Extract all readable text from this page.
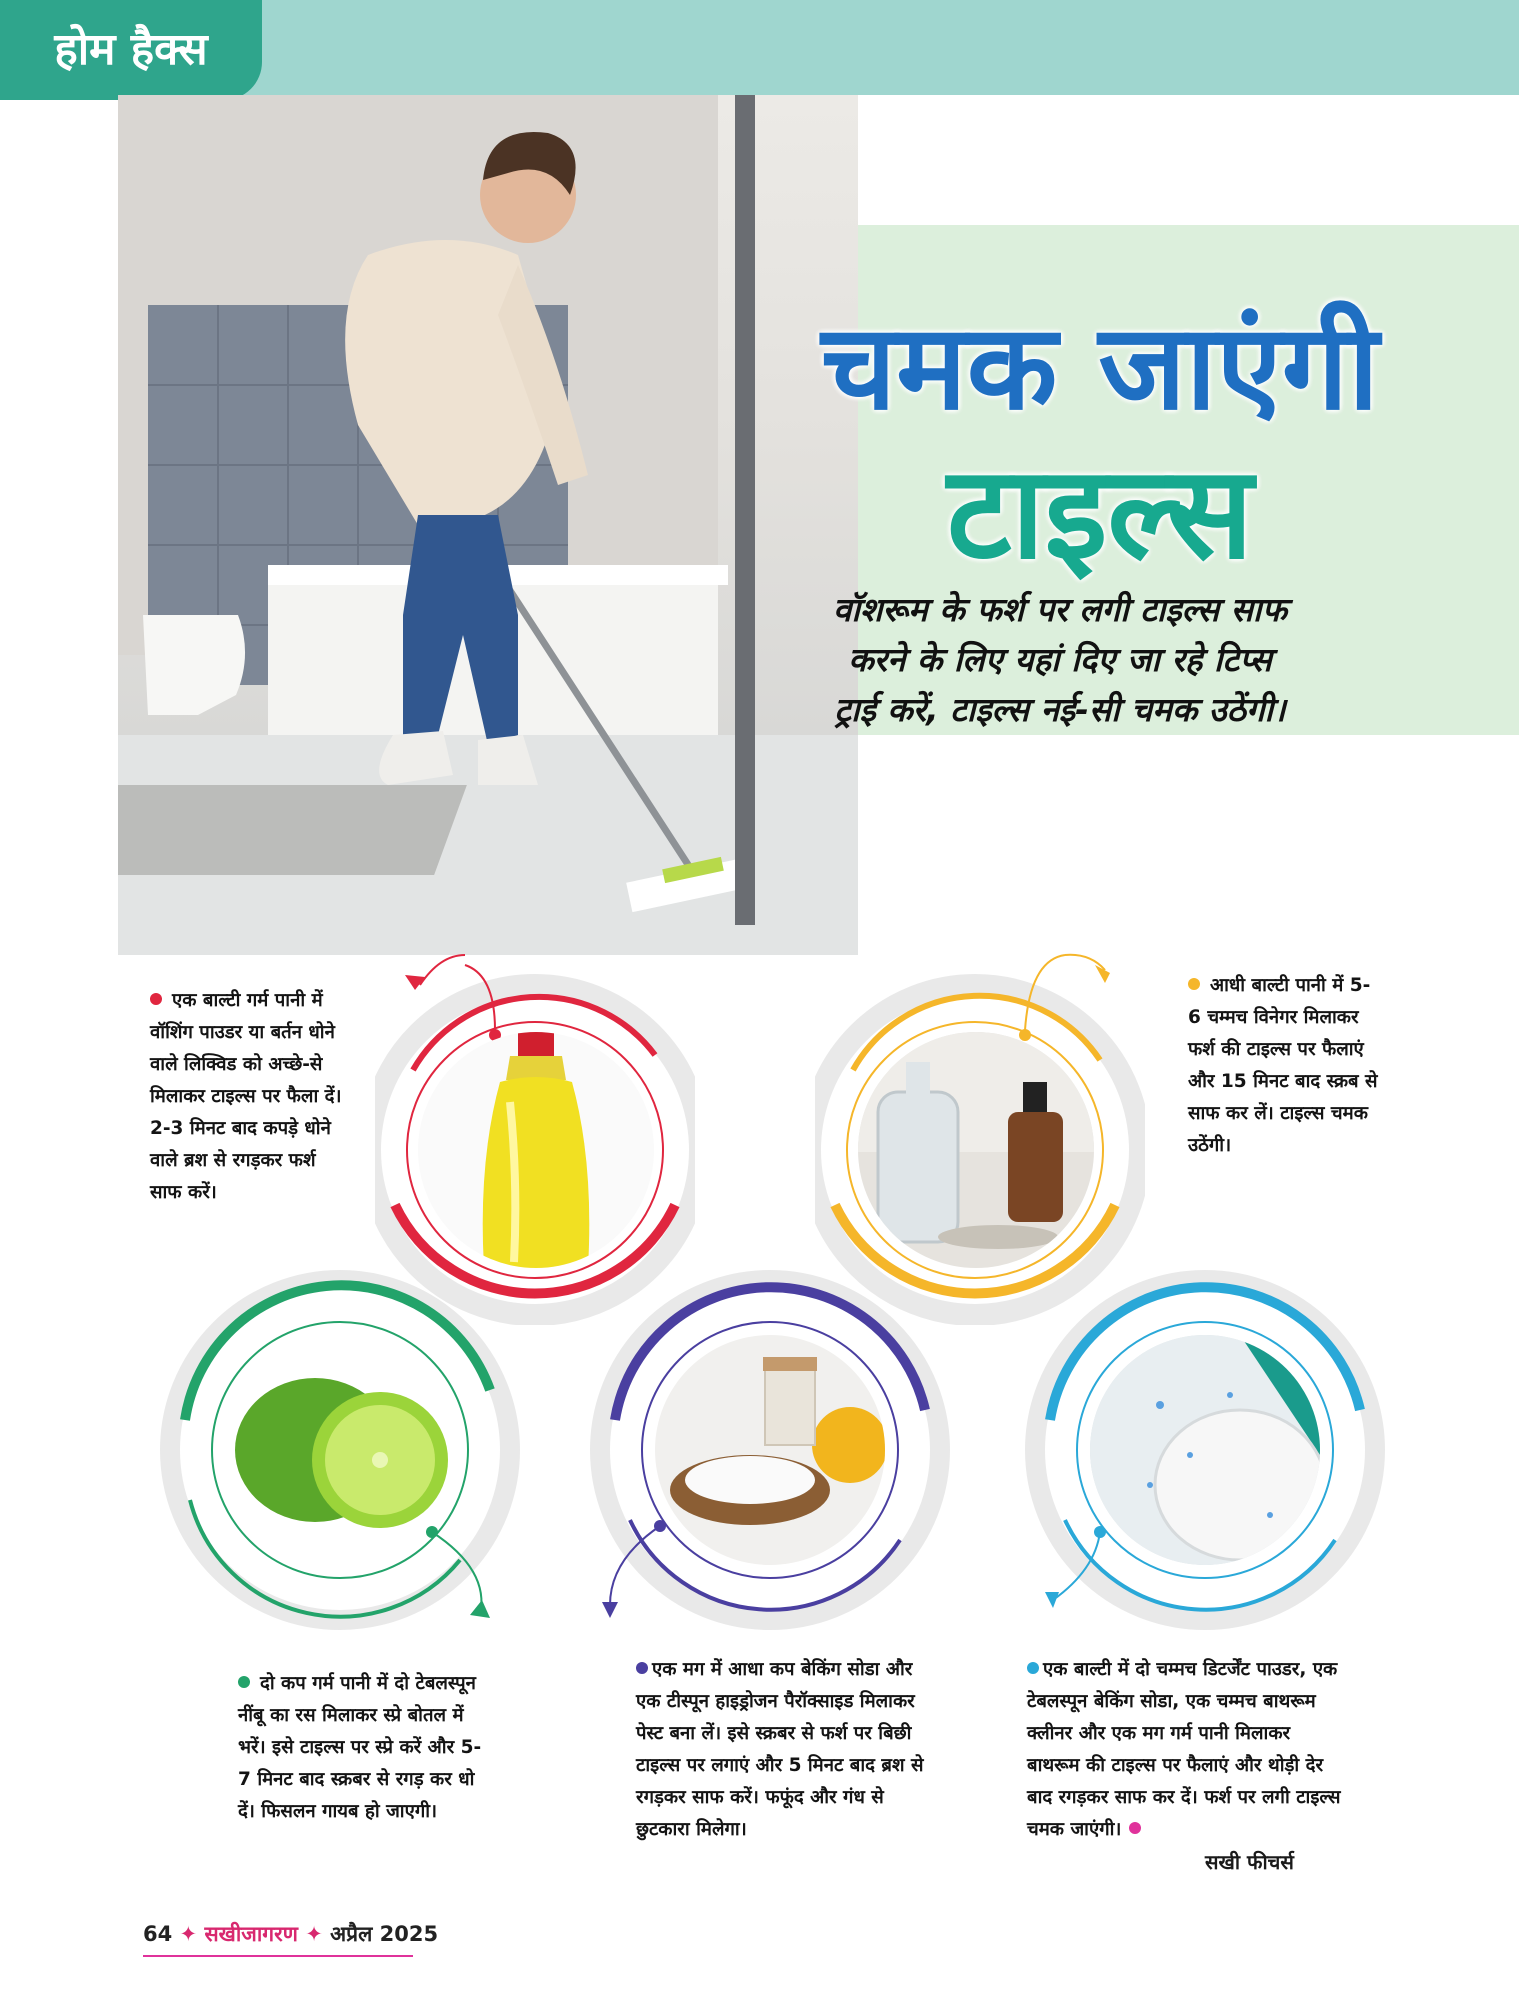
होम हैक्स
चमक जाएंगी
टाइल्स
वॉशरूम के फर्श पर लगी टाइल्स साफ करने के लिए यहां दिए जा रहे टिप्स ट्राई करें, टाइल्स नई-सी चमक उठेंगी।
एक बाल्टी गर्म पानी में वॉशिंग पाउडर या बर्तन धोने वाले लिक्विड को अच्छे-से मिलाकर टाइल्स पर फैला दें। 2-3 मिनट बाद कपड़े धोने वाले ब्रश से रगड़कर फर्श साफ करें।
आधी बाल्टी पानी में 5-6 चम्मच विनेगर मिलाकर फर्श की टाइल्स पर फैलाएं और 15 मिनट बाद स्क्रब से साफ कर लें। टाइल्स चमक उठेंगी।
दो कप गर्म पानी में दो टेबलस्पून नींबू का रस मिलाकर स्प्रे बोतल में भरें। इसे टाइल्स पर स्प्रे करें और 5-7 मिनट बाद स्क्रबर से रगड़ कर धो दें। फिसलन गायब हो जाएगी।
एक मग में आधा कप बेकिंग सोडा और एक टीस्पून हाइड्रोजन पैरॉक्साइड मिलाकर पेस्ट बना लें। इसे स्क्रबर से फर्श पर बिछी टाइल्स पर लगाएं और 5 मिनट बाद ब्रश से रगड़कर साफ करें। फफूंद और गंध से छुटकारा मिलेगा।
एक बाल्टी में दो चम्मच डिटर्जेंट पाउडर, एक टेबलस्पून बेकिंग सोडा, एक चम्मच बाथरूम क्लीनर और एक मग गर्म पानी मिलाकर बाथरूम की टाइल्स पर फैलाएं और थोड़ी देर बाद रगड़कर साफ कर दें। फर्श पर लगी टाइल्स चमक जाएंगी।
सखी फीचर्स
64 ✦ सखीजागरण ✦ अप्रैल 2025
